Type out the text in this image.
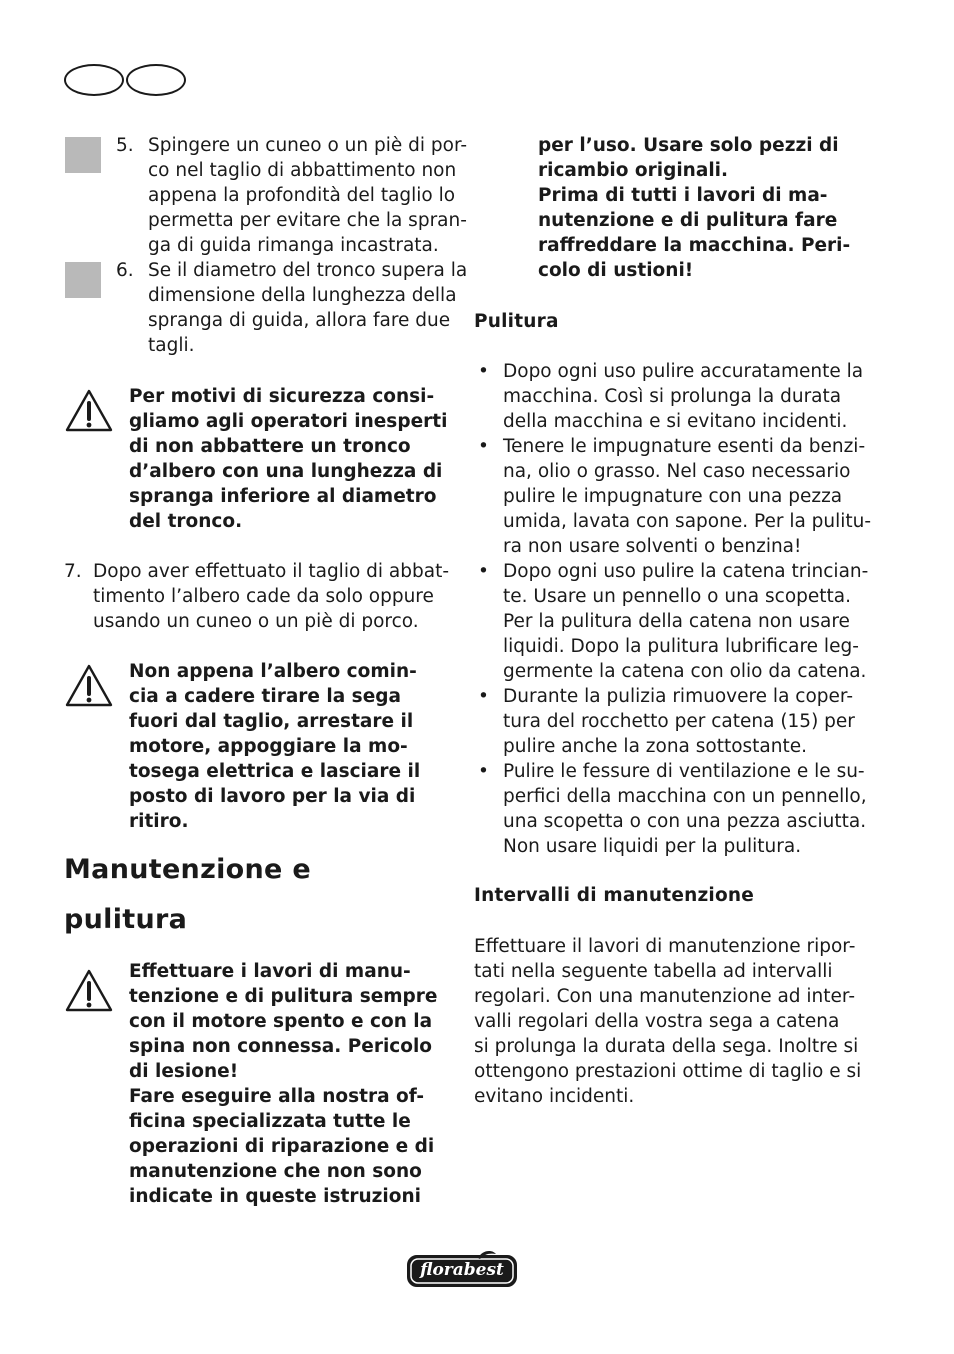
5. Spingere un cuneo o un piè di por-
co nel taglio di abbattimento non
appena la profondità del taglio lo
permetta per evitare che la spran-
ga di guida rimanga incastrata.
6. Se il diametro del tronco supera la
dimensione della lunghezza della
spranga di guida, allora fare due
tagli.
Per motivi di sicurezza consi-
gliamo agli operatori inesperti
di non abbattere un tronco
d’albero con una lunghezza di
spranga inferiore al diametro
del tronco.
7. Dopo aver effettuato il taglio di abbat-
timento l’albero cade da solo oppure
usando un cuneo o un piè di porco.
Non appena l’albero comin-
cia a cadere tirare la sega
fuori dal taglio, arrestare il
motore, appoggiare la mo-
tosega elettrica e lasciare il
posto di lavoro per la via di
ritiro.
Manutenzione e
pulitura
Effettuare i lavori di manu-
tenzione e di pulitura sempre
con il motore spento e con la
spina non connessa. Pericolo
di lesione!
Fare eseguire alla nostra of-
ficina specializzata tutte le
operazioni di riparazione e di
manutenzione che non sono
indicate in queste istruzioni
per l’uso. Usare solo pezzi di
ricambio originali.
Prima di tutti i lavori di ma-
nutenzione e di pulitura fare
raffreddare la macchina. Peri-
colo di ustioni!
Pulitura
• Dopo ogni uso pulire accuratamente la
macchina. Così si prolunga la durata
della macchina e si evitano incidenti.
• Tenere le impugnature esenti da benzi-
na, olio o grasso. Nel caso necessario
pulire le impugnature con una pezza
umida, lavata con sapone. Per la pulitu-
ra non usare solventi o benzina!
• Dopo ogni uso pulire la catena trincian-
te. Usare un pennello o una scopetta.
Per la pulitura della catena non usare
liquidi. Dopo la pulitura lubrificare leg-
germente la catena con olio da catena.
• Durante la pulizia rimuovere la coper-
tura del rocchetto per catena (15) per
pulire anche la zona sottostante.
• Pulire le fessure di ventilazione e le su-
perfici della macchina con un pennello,
una scopetta o con una pezza asciutta.
Non usare liquidi per la pulitura.
Intervalli di manutenzione
Effettuare il lavori di manutenzione ripor-
tati nella seguente tabella ad intervalli
regolari. Con una manutenzione ad inter-
valli regolari della vostra sega a catena
si prolunga la durata della sega. Inoltre si
ottengono prestazioni ottime di taglio e si
evitano incidenti.
florabest
